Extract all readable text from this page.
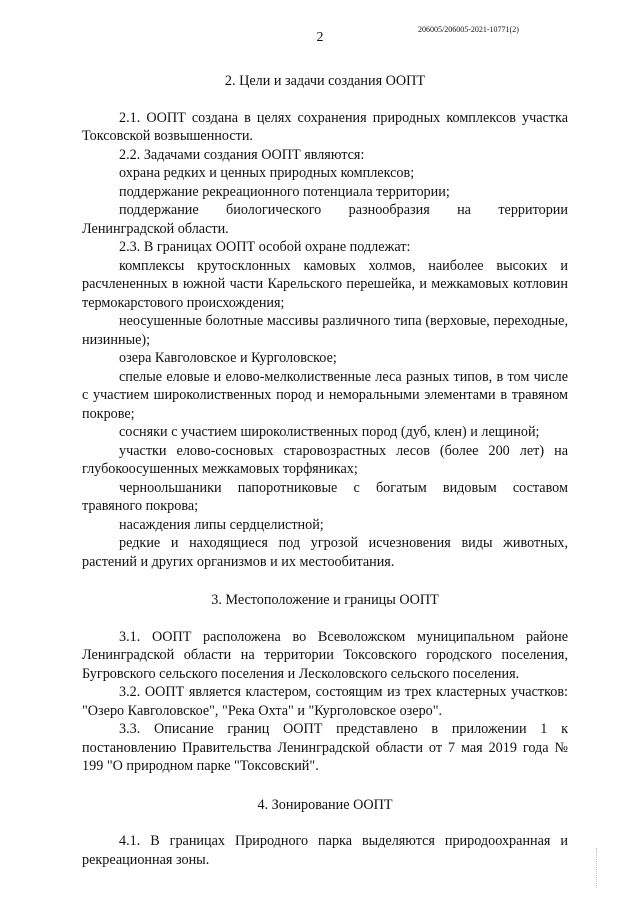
206005/206005-2021-10771(2)
2
2. Цели и задачи создания ООПТ

2.1. ООПТ создана в целях сохранения природных комплексов участка Токсовской возвышенности.

2.2. Задачами создания ООПТ являются:

охрана редких и ценных природных комплексов;

поддержание рекреационного потенциала территории;

поддержание биологического разнообразия на территории Ленинградской области.

2.3. В границах ООПТ особой охране подлежат:

комплексы крутосклонных камовых холмов, наиболее высоких и расчлененных в южной части Карельского перешейка, и межкамовых котловин термокарстового происхождения;

неосушенные болотные массивы различного типа (верховые, переходные, низинные);

озера Кавголовское и Курголовское;

спелые еловые и елово-мелколиственные леса разных типов, в том числе с участием широколиственных пород и неморальными элементами в травяном покрове;

сосняки с участием широколиственных пород (дуб, клен) и лещиной;

участки елово-сосновых старовозрастных лесов (более 200 лет) на глубокоосушенных межкамовых торфяниках;

черноольшаники папоротниковые с богатым видовым составом травяного покрова;

насаждения липы сердцелистной;

редкие и находящиеся под угрозой исчезновения виды животных, растений и других организмов и их местообитания.

3. Местоположение и границы ООПТ

3.1. ООПТ расположена во Всеволожском муниципальном районе Ленинградской области на территории Токсовского городского поселения, Бугровского сельского поселения и Лесколовского сельского поселения.

3.2. ООПТ является кластером, состоящим из трех кластерных участков: "Озеро Кавголовское", "Река Охта" и "Курголовское озеро".

3.3. Описание границ ООПТ представлено в приложении 1 к постановлению Правительства Ленинградской области от 7 мая 2019 года № 199 "О природном парке "Токсовский".

4. Зонирование ООПТ

4.1. В границах Природного парка выделяются природоохранная и рекреационная зоны.
